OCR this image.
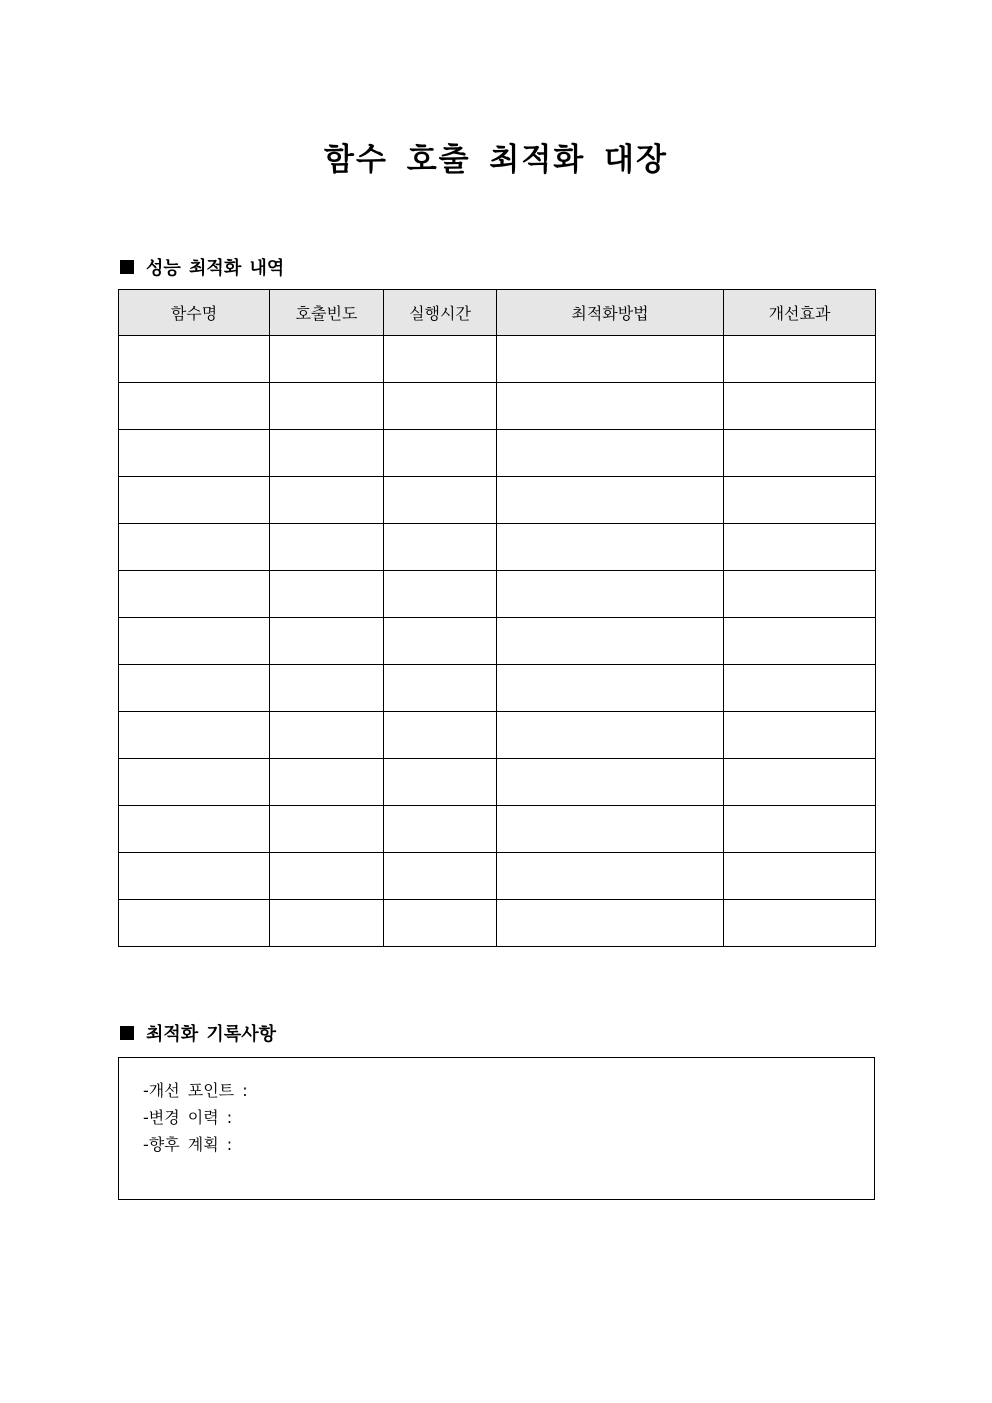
함수 호출 최적화 대장
성능 최적화 내역
함수명	호출빈도	실행시간	최적화방법	개선효과

최적화 기록사항
-개선 포인트 :
-변경 이력 :
-향후 계획 :
